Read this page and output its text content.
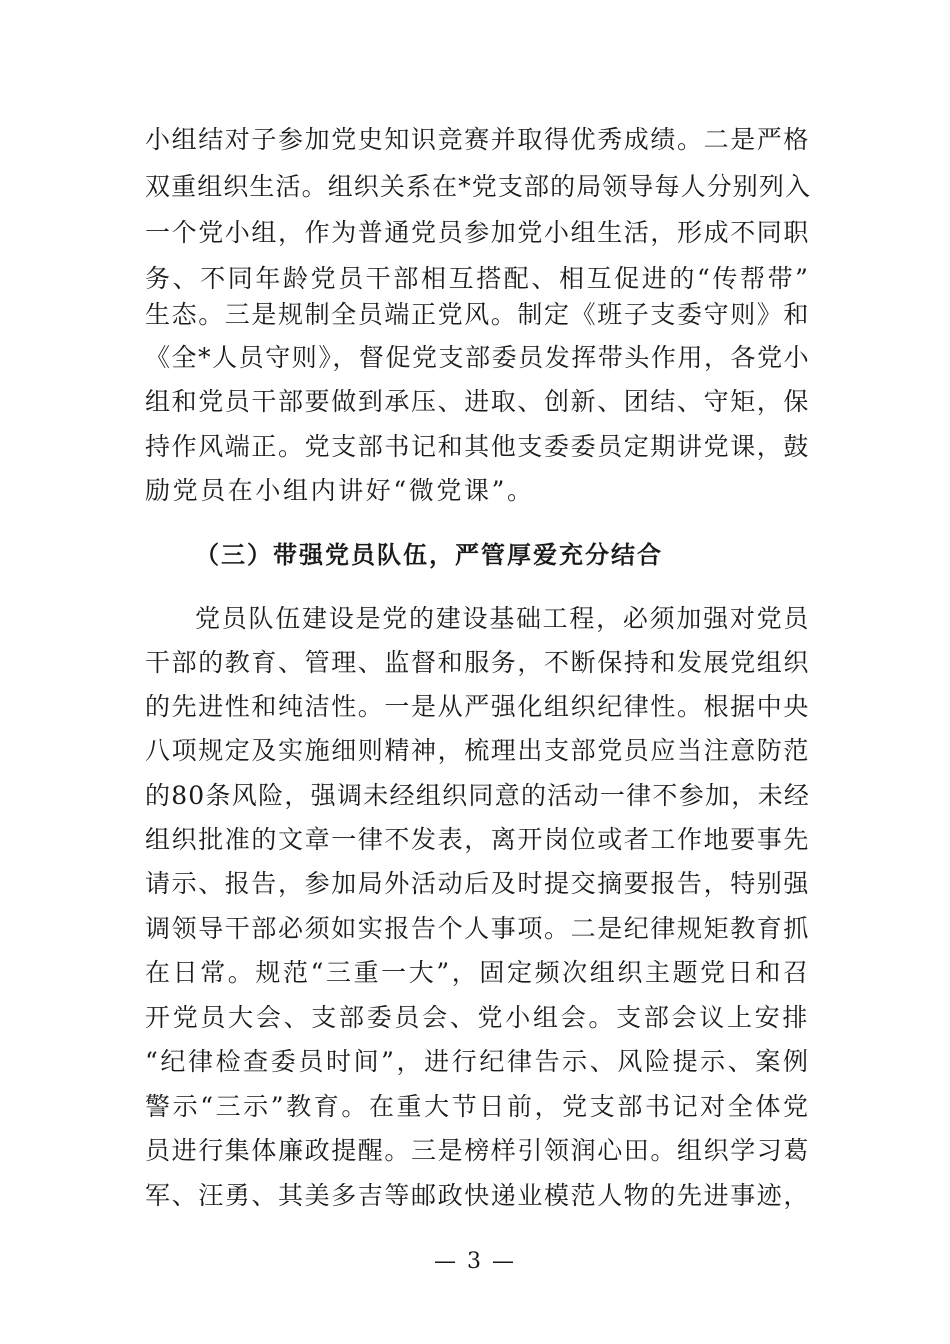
小组结对子参加党史知识竞赛并取得优秀成绩。二是严格
双重组织生活。组织关系在*党支部的局领导每人分别列入
一个党小组，作为普通党员参加党小组生活，形成不同职
务、不同年龄党员干部相互搭配、相互促进的“传帮带”
生态。三是规制全员端正党风。制定《班子支委守则》和
《全*人员守则》，督促党支部委员发挥带头作用，各党小
组和党员干部要做到承压、进取、创新、团结、守矩，保
持作风端正。党支部书记和其他支委委员定期讲党课，鼓
励党员在小组内讲好“微党课”。
（三）带强党员队伍，严管厚爱充分结合
党员队伍建设是党的建设基础工程，必须加强对党员
干部的教育、管理、监督和服务，不断保持和发展党组织
的先进性和纯洁性。一是从严强化组织纪律性。根据中央
八项规定及实施细则精神，梳理出支部党员应当注意防范
的80条风险，强调未经组织同意的活动一律不参加，未经
组织批准的文章一律不发表，离开岗位或者工作地要事先
请示、报告，参加局外活动后及时提交摘要报告，特别强
调领导干部必须如实报告个人事项。二是纪律规矩教育抓
在日常。规范“三重一大”，固定频次组织主题党日和召
开党员大会、支部委员会、党小组会。支部会议上安排
“纪律检查委员时间”，进行纪律告示、风险提示、案例
警示“三示”教育。在重大节日前，党支部书记对全体党
员进行集体廉政提醒。三是榜样引领润心田。组织学习葛
军、汪勇、其美多吉等邮政快递业模范人物的先进事迹，
— 3 —
